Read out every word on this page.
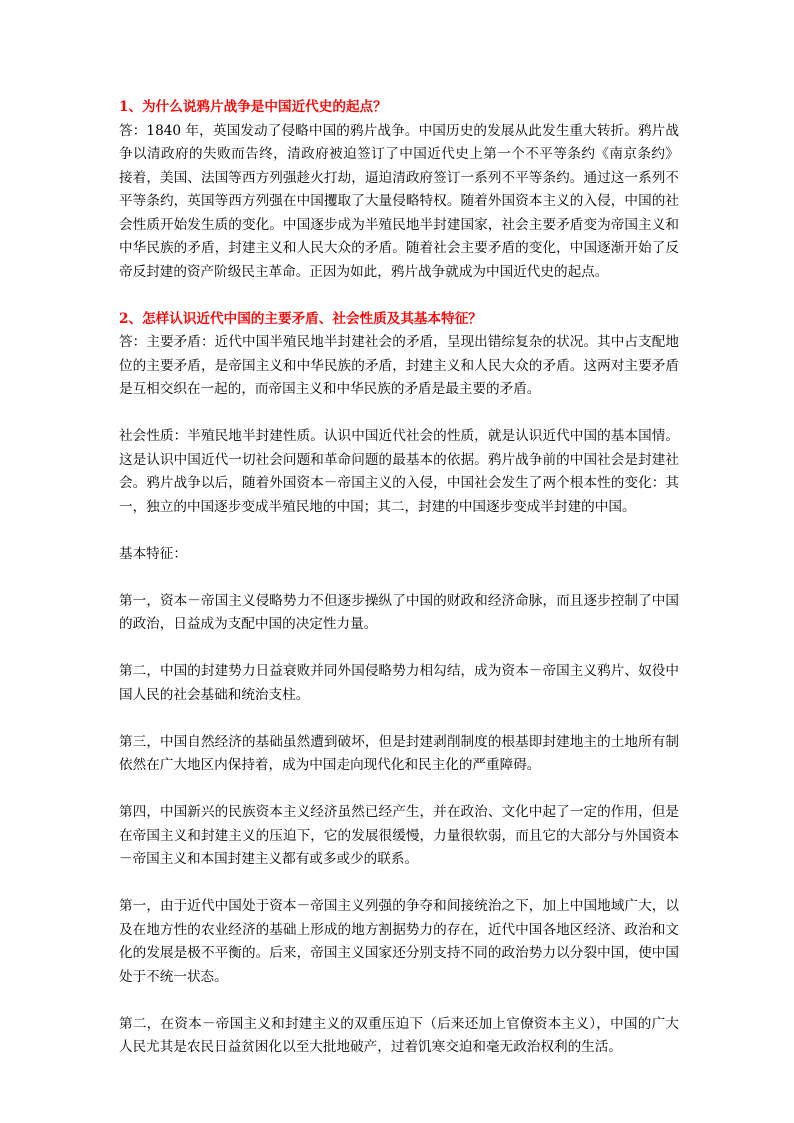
1、为什么说鸦片战争是中国近代史的起点？

答：1840 年，英国发动了侵略中国的鸦片战争。中国历史的发展从此发生重大转折。鸦片战争以清政府的失败而告终，清政府被迫签订了中国近代史上第一个不平等条约《南京条约》 接着，美国、法国等西方列强趁火打劫，逼迫清政府签订一系列不平等条约。通过这一系列不平等条约，英国等西方列强在中国攫取了大量侵略特权。随着外国资本主义的入侵，中国的社会性质开始发生质的变化。中国逐步成为半殖民地半封建国家，社会主要矛盾变为帝国主义和中华民族的矛盾，封建主义和人民大众的矛盾。随着社会主要矛盾的变化，中国逐渐开始了反帝反封建的资产阶级民主革命。正因为如此，鸦片战争就成为中国近代史的起点。

2、怎样认识近代中国的主要矛盾、社会性质及其基本特征？

答：主要矛盾：近代中国半殖民地半封建社会的矛盾，呈现出错综复杂的状况。其中占支配地位的主要矛盾，是帝国主义和中华民族的矛盾，封建主义和人民大众的矛盾。这两对主要矛盾是互相交织在一起的，而帝国主义和中华民族的矛盾是最主要的矛盾。

社会性质：半殖民地半封建性质。认识中国近代社会的性质，就是认识近代中国的基本国情。这是认识中国近代一切社会问题和革命问题的最基本的依据。鸦片战争前的中国社会是封建社会。鸦片战争以后，随着外国资本－帝国主义的入侵，中国社会发生了两个根本性的变化：其一，独立的中国逐步变成半殖民地的中国；其二，封建的中国逐步变成半封建的中国。

基本特征：

第一，资本－帝国主义侵略势力不但逐步操纵了中国的财政和经济命脉，而且逐步控制了中国的政治，日益成为支配中国的决定性力量。

第二，中国的封建势力日益衰败并同外国侵略势力相勾结，成为资本－帝国主义鸦片、奴役中国人民的社会基础和统治支柱。

第三，中国自然经济的基础虽然遭到破坏，但是封建剥削制度的根基即封建地主的土地所有制依然在广大地区内保持着，成为中国走向现代化和民主化的严重障碍。

第四，中国新兴的民族资本主义经济虽然已经产生，并在政治、文化中起了一定的作用，但是在帝国主义和封建主义的压迫下，它的发展很缓慢，力量很软弱，而且它的大部分与外国资本－帝国主义和本国封建主义都有或多或少的联系。

第一，由于近代中国处于资本－帝国主义列强的争夺和间接统治之下，加上中国地域广大，以及在地方性的农业经济的基础上形成的地方割据势力的存在，近代中国各地区经济、政治和文化的发展是极不平衡的。后来，帝国主义国家还分别支持不同的政治势力以分裂中国，使中国处于不统一状态。

第二，在资本－帝国主义和封建主义的双重压迫下（后来还加上官僚资本主义），中国的广大人民尤其是农民日益贫困化以至大批地破产，过着饥寒交迫和毫无政治权利的生活。
